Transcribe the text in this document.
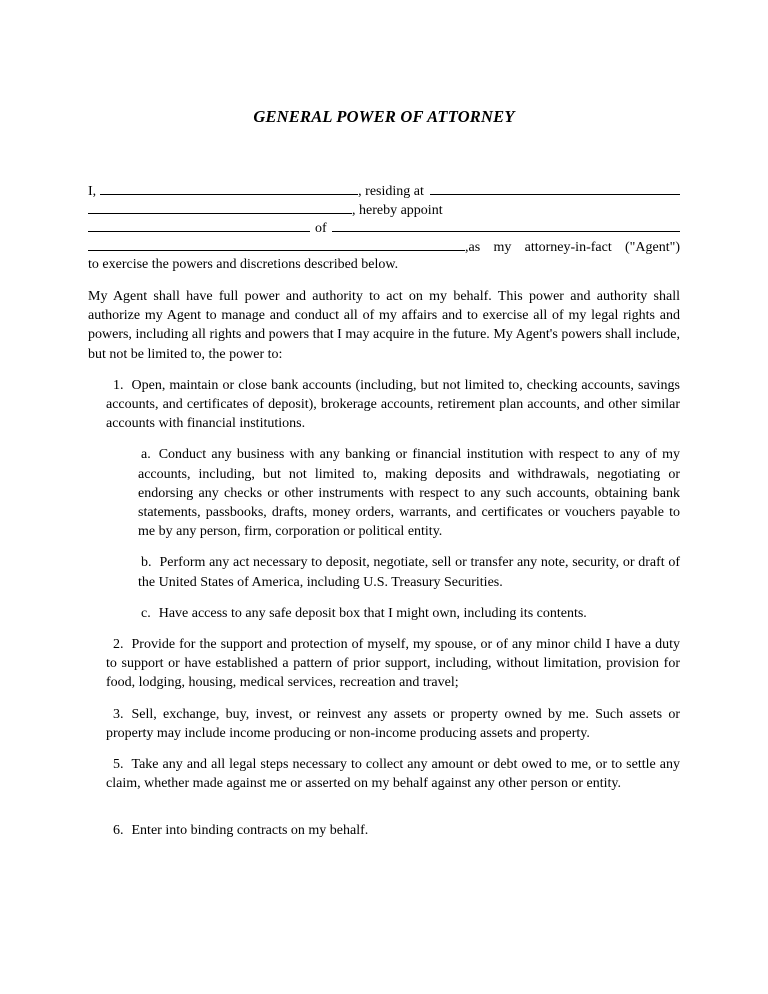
GENERAL POWER OF ATTORNEY
I,	, residing at
, hereby appoint
of
,as my attorney-in-fact ("Agent")
to exercise the powers and discretions described below.

My Agent shall have full power and authority to act on my behalf. This power and authority shall authorize my Agent to manage and conduct all of my affairs and to exercise all of my legal rights and powers, including all rights and powers that I may acquire in the future. My Agent's powers shall include, but not be limited to, the power to:

1. Open, maintain or close bank accounts (including, but not limited to, checking accounts, savings accounts, and certificates of deposit), brokerage accounts, retirement plan accounts, and other similar accounts with financial institutions.

a. Conduct any business with any banking or financial institution with respect to any of my accounts, including, but not limited to, making deposits and withdrawals, negotiating or endorsing any checks or other instruments with respect to any such accounts, obtaining bank statements, passbooks, drafts, money orders, warrants, and certificates or vouchers payable to me by any person, firm, corporation or political entity.

b. Perform any act necessary to deposit, negotiate, sell or transfer any note, security, or draft of the United States of America, including U.S. Treasury Securities.

c. Have access to any safe deposit box that I might own, including its contents.

2. Provide for the support and protection of myself, my spouse, or of any minor child I have a duty to support or have established a pattern of prior support, including, without limitation, provision for food, lodging, housing, medical services, recreation and travel;

3. Sell, exchange, buy, invest, or reinvest any assets or property owned by me. Such assets or property may include income producing or non-income producing assets and property.

5. Take any and all legal steps necessary to collect any amount or debt owed to me, or to settle any claim, whether made against me or asserted on my behalf against any other person or entity.

6. Enter into binding contracts on my behalf.
